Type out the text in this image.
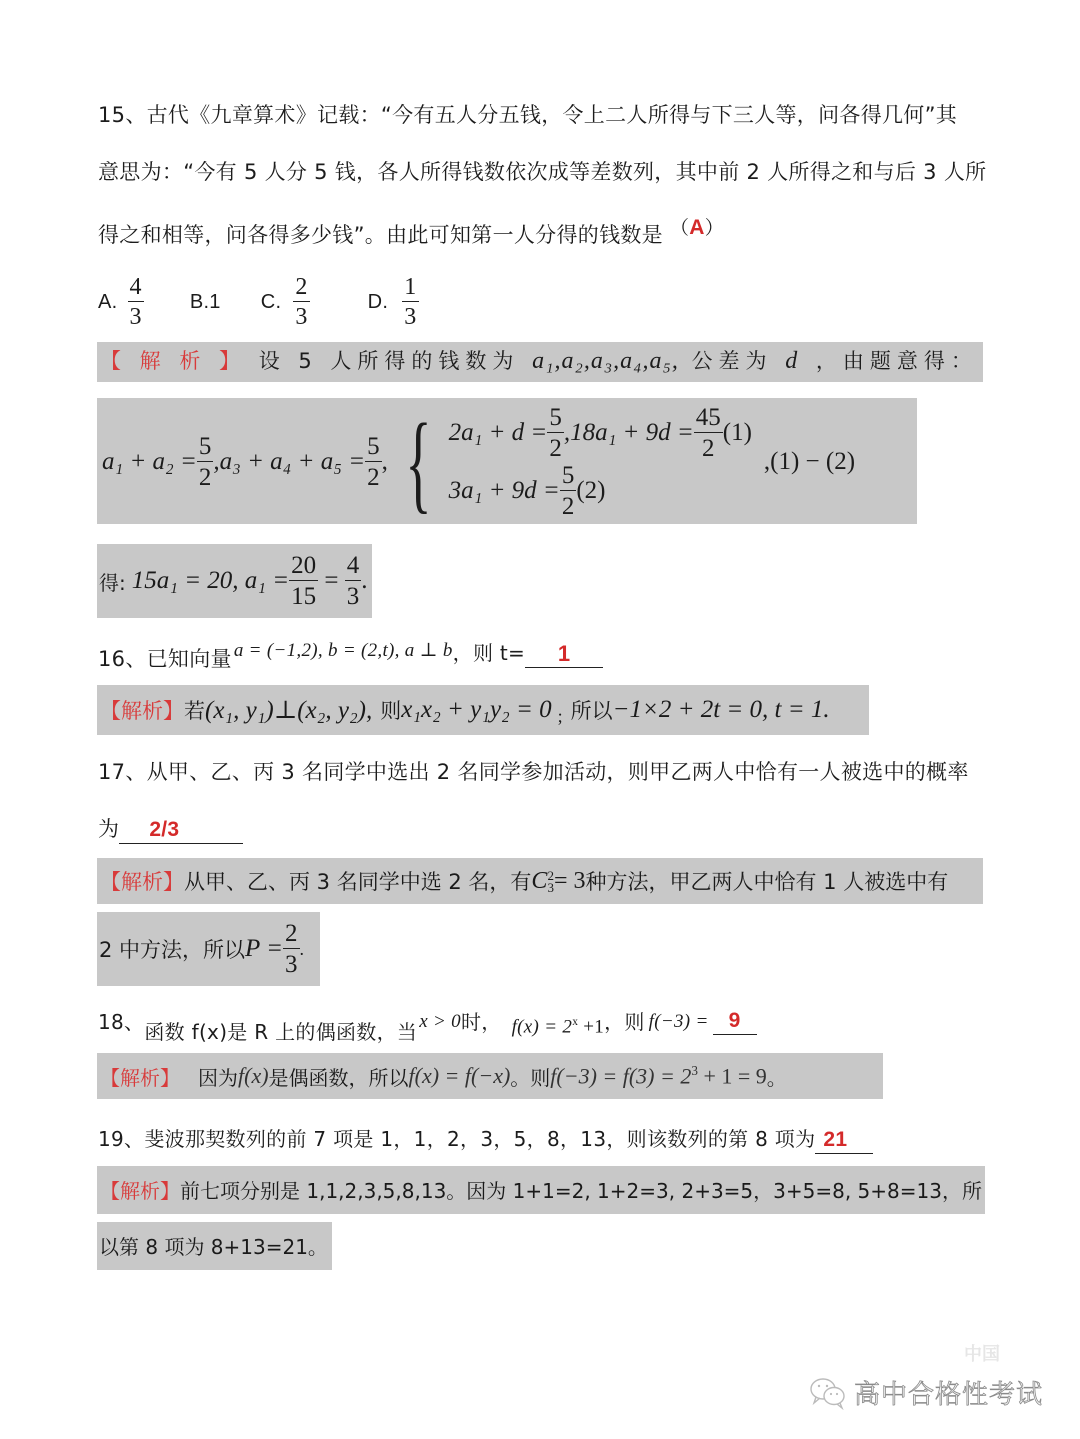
15、古代《九章算术》记载：“今有五人分五钱，令上二人所得与下三人等，问各得几何”其
意思为：“今有 5 人分 5 钱，各人所得钱数依次成等差数列，其中前 2 人所得之和与后 3 人所
得之和相等，问各得多少钱”。由此可知第一人分得的钱数是 （A）
A. $\frac{4}{3} B.1$ C. $\frac{2}{3}$	D. $\frac{1}{3}$
【 解 析 】 设 5 人所得的钱数为 a₁,a₂,a₃,a₄,a₅, 公差为 d ，由题意得：
$a_1 + a_2 = \frac{5}{2} ,a_3 + a_4 + a_5 = \frac{5}{2}$ , { $2a_1 + d = \frac{5}{2} ,18a_1 + 9d = \frac{45}{2} (1)$
$3a_1 + 9d = \frac{5}{2} (2)$
,(1) − (2)
得: 15a₁ = 20, $a_1 = \frac{20}{15} = \frac{4}{3}$ .
16、已知向量 a = (−1,2), b = (2,t), a ⊥ b ，则 t=	1
【解析】 若 (x₁, y₁)⊥(x₂, y₂), 则 x₁x₂ + y₁y₂ = 0 ; 所以 −1×2 + 2t = 0, t = 1.
17、从甲、乙、丙 3 名同学中选出 2 名同学参加活动，则甲乙两人中恰有一人被选中的概率
为 2/3
【解析】 从甲、乙、丙 3 名同学中选 2 名，有 C 2
3 = 3 种方法，甲乙两人中恰有 1 人被选中有
2 中方法，所以 $P = \frac{2}{3}$ .
18、 函数 f(x)是 R 上的偶函数，当 x > 0 时， $f(x) = 2^x +1$ ，则 f(−3) = 9
【解析】 因为 f(x) 是偶函数，所以 f(x) = f(−x) 。则 $f(-3) = f(3) = 2^3 + 1 = 9$ 。
19、斐波那契数列的前 7 项是 1，1，2，3，5，8，13，则该数列的第 8 项为 21
【解析】前七项分别是 1,1,2,3,5,8,13。因为 1+1=2, 1+2=3, 2+3=5，3+5=8, 5+8=13，所
以第 8 项为 8+13=21。
中国
高中合格性考试
